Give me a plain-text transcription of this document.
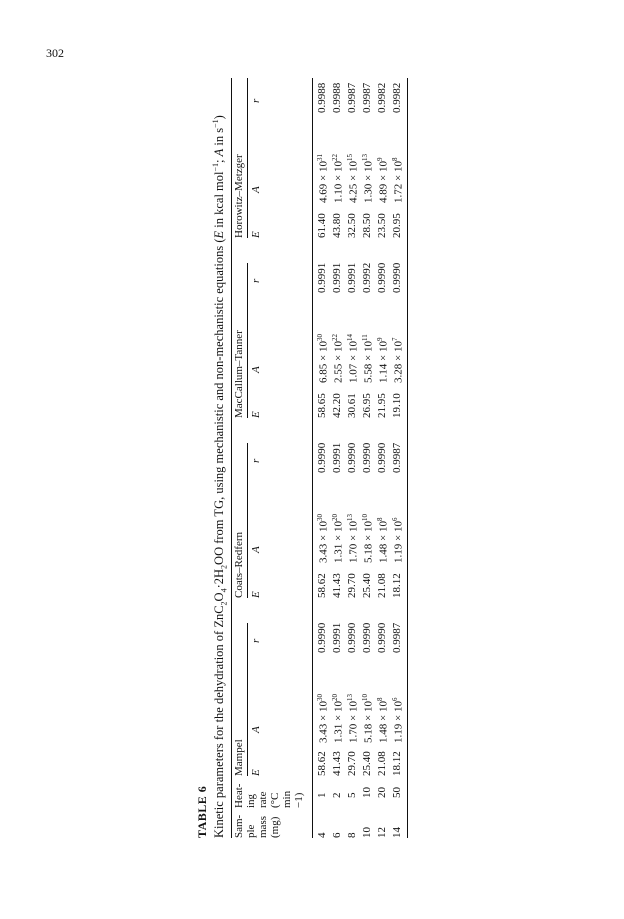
302
TABLE 6 Kinetic parameters for the dehydration of $ZnC_2O_4\cdot 2H_2OO$ from TG, using mechanistic and non-mechanistic equations (E in kcal mol$^{-1}$; A in $s^{-1}$)
Sam- ple mass (mg)
Heat- ing rate (°C min −1)
Mampel E
A
r
Coats–Redfern E
A
r
MacCallum–Tanner E
A
r
Horowitz–Metzger E
A
r
4
1
58.62
$3.43 \times 10^{30}$
0.9990
58.62
$3.43 \times 10^{30}$
0.9990
58.65
$6.85 \times 10^{30}$
0.9991
61.40
$4.69 \times 10^{31}$
0.9988
6
2
41.43
$1.31 \times 10^{20}$
0.9991
41.43
$1.31 \times 10^{20}$
0.9991
42.20
$2.55 \times 10^{22}$
0.9991
43.80
$1.10 \times 10^{22}$
0.9988
8
5
29.70
$1.70 \times 10^{13}$
0.9990
29.70
$1.70 \times 10^{13}$
0.9990
30.61
$1.07 \times 10^{14}$
0.9991
32.50
$4.25 \times 10^{15}$
0.9987
10
10
25.40
$5.18 \times 10^{10}$
0.9990
25.40
$5.18 \times 10^{10}$
0.9990
26.95
$5.58 \times 10^{11}$
0.9992
28.50
$1.30 \times 10^{13}$
0.9987
12
20
21.08
$1.48 \times 10^8$
0.9990
21.08
$1.48 \times 10^8$
0.9990
21.95
$1.14 \times 10^9$
0.9990
23.50
$4.89 \times 10^9$
0.9982
14
50
18.12
$1.19 \times 10^6$
0.9987
18.12
$1.19 \times 10^6$
0.9987
19.10
$3.28 \times 10^7$
0.9990
20.95
$1.72 \times 10^8$
0.9982
